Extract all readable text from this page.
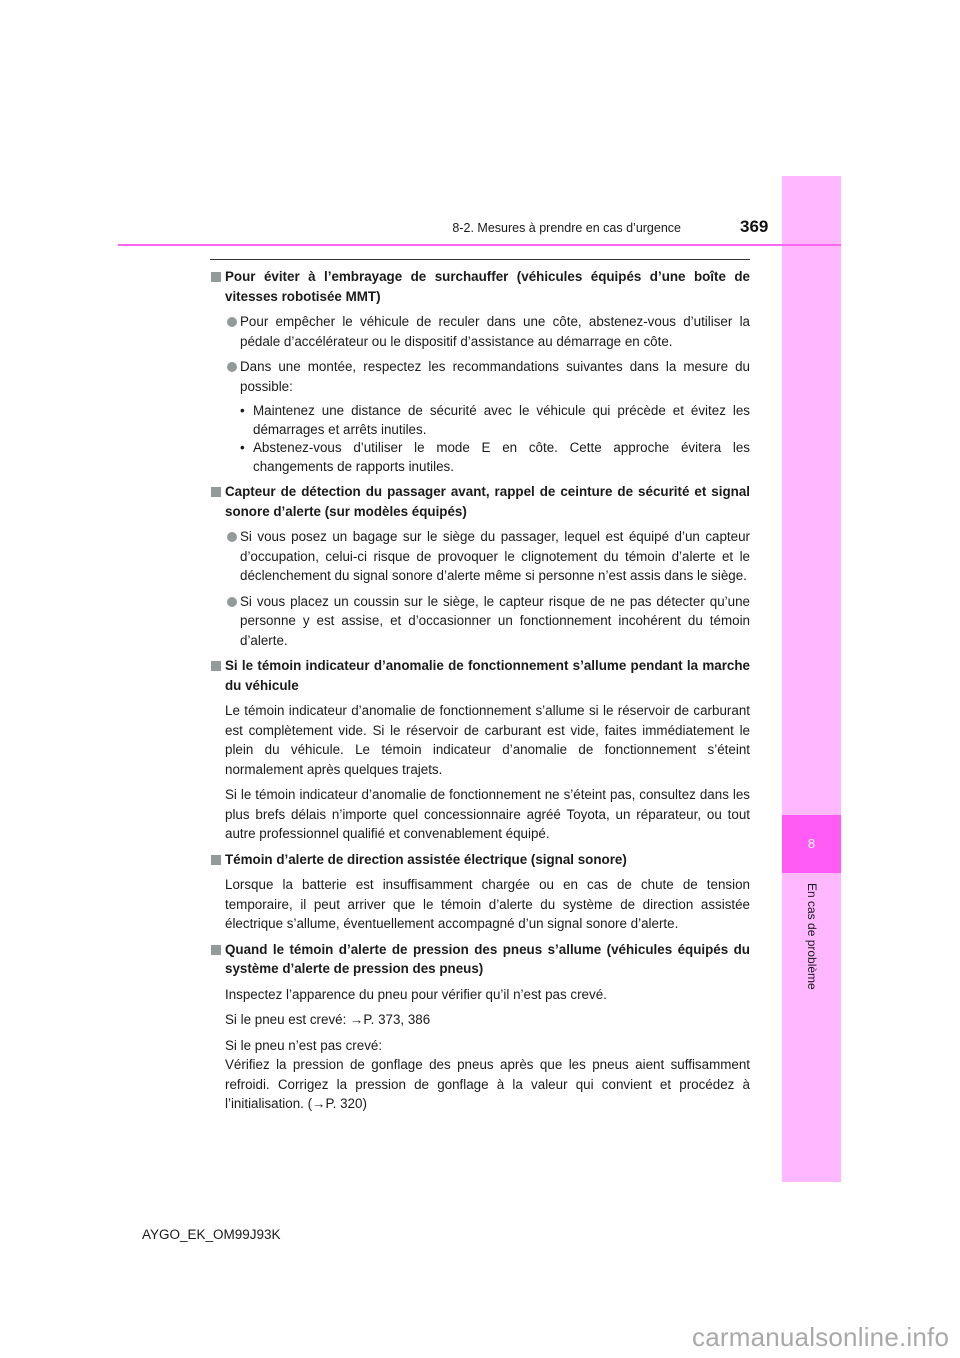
8
En cas de problème
8-2. Mesures à prendre en cas d’urgence	369
Pour éviter à l’embrayage de surchauffer (véhicules équipés d’une boîte de vitesses robotisée MMT)
Pour empêcher le véhicule de reculer dans une côte, abstenez-vous d’utiliser la pédale d’accélérateur ou le dispositif d’assistance au démarrage en côte.
Dans une montée, respectez les recommandations suivantes dans la mesure du possible:
• Maintenez une distance de sécurité avec le véhicule qui précède et évitez les démarrages et arrêts inutiles.
• Abstenez-vous d’utiliser le mode E en côte. Cette approche évitera les changements de rapports inutiles.
Capteur de détection du passager avant, rappel de ceinture de sécurité et signal sonore d’alerte (sur modèles équipés)
Si vous posez un bagage sur le siège du passager, lequel est équipé d’un capteur d’occupation, celui-ci risque de provoquer le clignotement du témoin d’alerte et le déclenchement du signal sonore d’alerte même si personne n’est assis dans le siège.
Si vous placez un coussin sur le siège, le capteur risque de ne pas détecter qu’une personne y est assise, et d’occasionner un fonctionnement incohérent du témoin d’alerte.
Si le témoin indicateur d’anomalie de fonctionnement s’allume pendant la marche du véhicule
Le témoin indicateur d’anomalie de fonctionnement s’allume si le réservoir de carburant est complètement vide. Si le réservoir de carburant est vide, faites immédiatement le plein du véhicule. Le témoin indicateur d’anomalie de fonctionnement s’éteint normalement après quelques trajets.
Si le témoin indicateur d’anomalie de fonctionnement ne s’éteint pas, consultez dans les plus brefs délais n’importe quel concessionnaire agréé Toyota, un réparateur, ou tout autre professionnel qualifié et convenablement équipé.
Témoin d’alerte de direction assistée électrique (signal sonore)
Lorsque la batterie est insuffisamment chargée ou en cas de chute de tension temporaire, il peut arriver que le témoin d’alerte du système de direction assistée électrique s’allume, éventuellement accompagné d’un signal sonore d’alerte.
Quand le témoin d’alerte de pression des pneus s’allume (véhicules équipés du système d’alerte de pression des pneus)
Inspectez l’apparence du pneu pour vérifier qu’il n’est pas crevé.
Si le pneu est crevé: →P. 373, 386
Si le pneu n’est pas crevé:
Vérifiez la pression de gonflage des pneus après que les pneus aient suffisamment refroidi. Corrigez la pression de gonflage à la valeur qui convient et procédez à l’initialisation. (→P. 320)
AYGO_EK_OM99J93K
carmanualsonline.info
